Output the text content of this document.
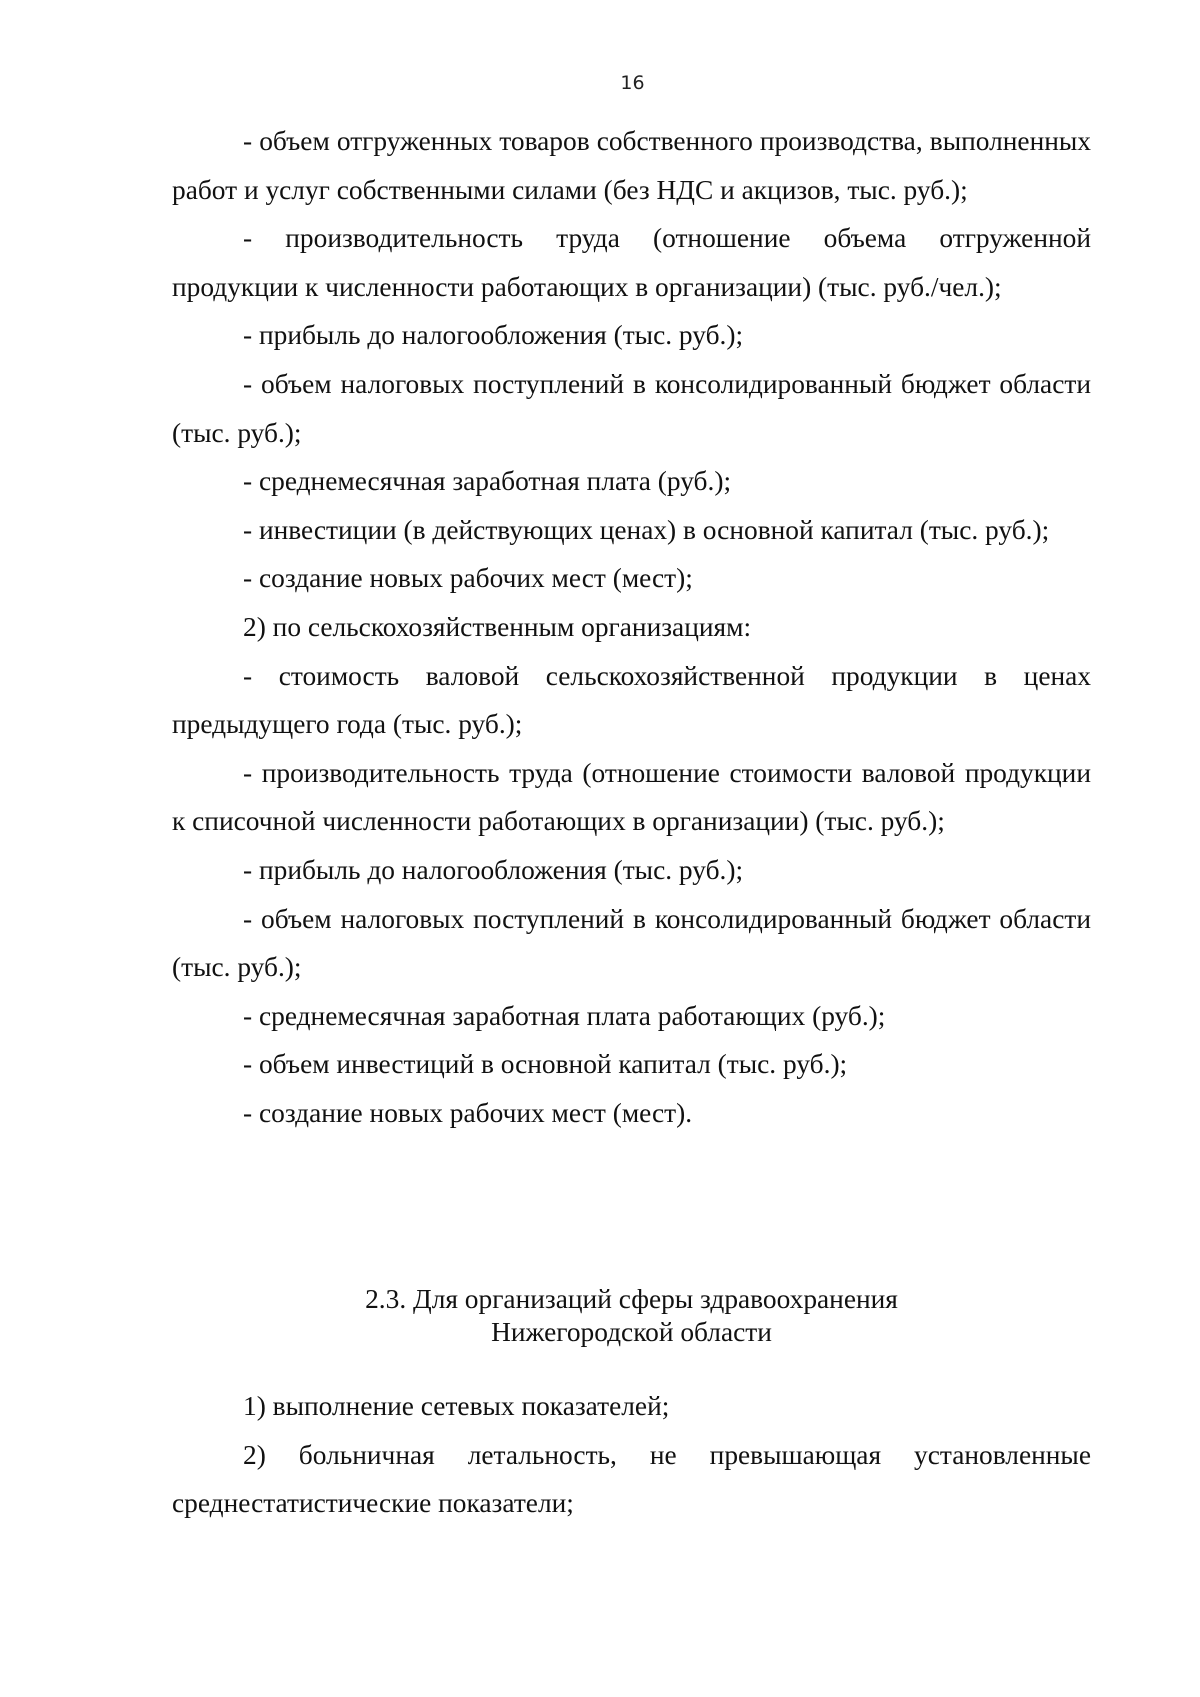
16

- объем отгруженных товаров собственного производства, выполненных работ и услуг собственными силами (без НДС и акцизов, тыс. руб.);

- производительность труда (отношение объема отгруженной продукции к численности работающих в организации) (тыс. руб./чел.);

- прибыль до налогообложения (тыс. руб.);

- объем налоговых поступлений в консолидированный бюджет области (тыс. руб.);

- среднемесячная заработная плата (руб.);

- инвестиции (в действующих ценах) в основной капитал (тыс. руб.);

- создание новых рабочих мест (мест);

2) по сельскохозяйственным организациям:

- стоимость валовой сельскохозяйственной продукции в ценах предыдущего года (тыс. руб.);

- производительность труда (отношение стоимости валовой продукции к списочной численности работающих в организации) (тыс. руб.);

- прибыль до налогообложения (тыс. руб.);

- объем налоговых поступлений в консолидированный бюджет области (тыс. руб.);

- среднемесячная заработная плата работающих (руб.);

- объем инвестиций в основной капитал (тыс. руб.);

- создание новых рабочих мест (мест).

2.3. Для организаций сферы здравоохранения
Нижегородской области

1) выполнение сетевых показателей;

2) больничная летальность, не превышающая установленные среднестатистические показатели;
